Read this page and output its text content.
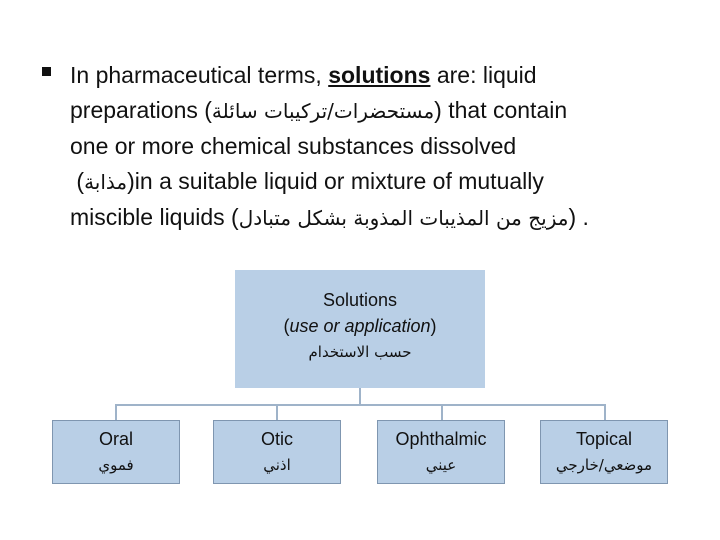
In pharmaceutical terms, solutions are: liquid
preparations (مستحضرات/تركيبات سائلة) that contain
one or more chemical substances dissolved
(مذابة)in a suitable liquid or mixture of mutually
miscible liquids (مزيج من المذيبات المذوبة بشكل متبادل) .

Solutions
(use or application)
حسب الاستخدام
Oral
فموي
Otic
اذني
Ophthalmic
عيني
Topical
موضعي/خارجي
